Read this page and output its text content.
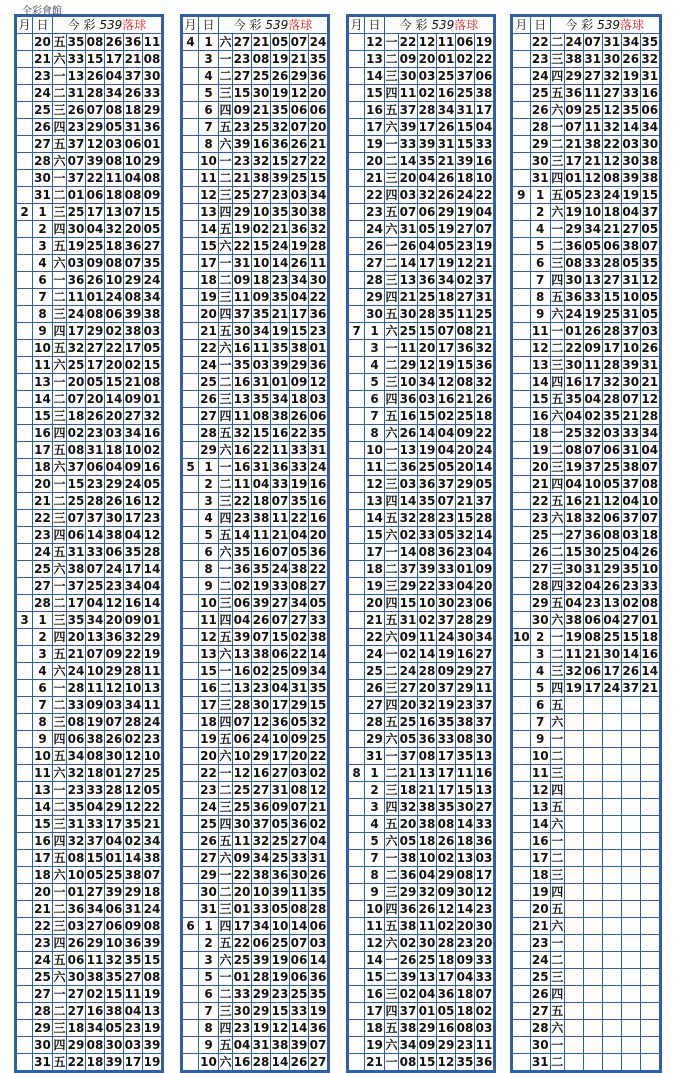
全彩會館
月	日	今 彩 539落球					
	20	五	35	08	26	36	11
	21	六	33	15	17	21	08
	23	一	13	26	04	37	30
	24	二	31	28	34	26	33
	25	三	26	07	08	18	29
	26	四	23	29	05	31	36
	27	五	37	12	03	06	01
	28	六	07	39	08	10	29
	30	一	37	22	11	04	08
	31	二	01	06	18	08	09
2	1	三	25	17	13	07	15
	2	四	30	04	32	20	05
	3	五	19	25	18	36	27
	4	六	03	09	08	07	35
	6	一	36	26	10	29	24
	7	二	11	01	24	08	34
	8	三	24	08	06	39	38
	9	四	17	29	02	38	03
	10	五	32	27	22	17	05
	11	六	25	17	20	02	15
	13	一	20	05	15	21	08
	14	二	07	20	14	09	01
	15	三	18	26	20	27	32
	16	四	02	23	03	34	16
	17	五	08	31	18	10	02
	18	六	37	06	04	09	16
	20	一	15	23	29	24	05
	21	二	25	28	26	16	12
	22	三	07	37	30	17	23
	23	四	06	14	38	04	12
	24	五	31	33	06	35	28
	25	六	38	07	24	17	14
	27	一	37	25	23	34	04
	28	二	17	04	12	16	14
3	1	三	35	34	20	09	01
	2	四	20	13	36	32	29
	3	五	21	07	09	22	19
	4	六	24	10	29	28	11
	6	一	28	11	12	10	13
	7	二	33	09	03	34	11
	8	三	08	19	07	28	24
	9	四	06	38	26	02	23
	10	五	34	08	30	12	10
	11	六	32	18	01	27	25
	13	一	23	33	28	12	05
	14	二	35	04	29	12	22
	15	三	31	33	17	35	21
	16	四	32	37	04	02	34
	17	五	08	15	01	14	38
	18	六	10	05	25	38	07
	20	一	01	27	39	29	18
	21	二	36	34	06	31	24
	22	三	03	27	06	09	08
	23	四	26	29	10	36	39
	24	五	06	11	32	35	15
	25	六	30	38	35	27	08
	27	一	27	02	15	11	19
	28	二	27	16	38	04	13
	29	三	18	34	05	23	19
	30	四	29	08	30	03	39
	31	五	22	18	39	17	19
月	日	今 彩 539落球					
4	1	六	27	21	05	07	24
	3	一	23	08	19	21	35
	4	二	27	25	26	29	36
	5	三	15	30	19	12	20
	6	四	09	21	35	06	06
	7	五	23	25	32	07	20
	8	六	39	16	36	26	21
	10	一	23	32	15	27	22
	11	二	21	38	39	25	15
	12	三	25	27	23	03	34
	13	四	29	10	35	30	38
	14	五	19	02	21	36	32
	15	六	22	15	24	19	28
	17	一	31	10	14	26	11
	18	二	09	18	23	34	30
	19	三	11	09	35	04	22
	20	四	37	35	21	17	36
	21	五	30	34	19	15	23
	22	六	16	11	35	38	01
	24	一	35	03	39	29	36
	25	二	16	31	01	09	12
	26	三	13	35	34	18	03
	27	四	11	08	38	26	06
	28	五	32	15	16	22	35
	29	六	16	22	11	33	31
5	1	一	16	31	36	33	24
	2	二	11	04	33	19	16
	3	三	22	18	07	35	16
	4	四	23	38	11	22	16
	5	五	14	11	21	04	20
	6	六	35	16	07	05	36
	8	一	36	35	24	38	22
	9	二	02	19	33	08	27
	10	三	06	39	27	34	05
	11	四	04	26	07	27	33
	12	五	39	07	15	02	38
	13	六	13	38	06	22	14
	15	一	16	02	25	09	34
	16	二	13	23	04	31	35
	17	三	28	30	17	29	15
	18	四	07	12	36	05	32
	19	五	06	24	10	09	25
	20	六	10	29	17	20	22
	22	一	12	16	27	03	02
	23	二	25	27	31	08	12
	24	三	25	36	09	07	21
	25	四	30	37	05	36	02
	26	五	11	32	25	27	04
	27	六	09	34	25	33	31
	29	一	22	38	36	30	26
	30	二	20	10	39	11	35
	31	三	01	33	05	08	28
6	1	四	17	34	10	14	06
	2	五	22	06	25	07	03
	3	六	25	39	19	06	14
	5	一	01	28	19	06	36
	6	二	33	29	23	25	35
	7	三	30	29	15	33	19
	8	四	23	19	12	14	36
	9	五	04	31	38	39	07
	10	六	16	28	14	26	27
月	日	今 彩 539落球					
	12	一	22	12	11	06	19
	13	二	09	20	01	02	22
	14	三	30	03	25	37	06
	15	四	11	02	16	25	38
	16	五	37	28	34	31	17
	17	六	39	17	26	15	04
	19	一	33	39	31	15	33
	20	二	14	35	21	39	16
	21	三	20	04	26	18	10
	22	四	03	32	26	24	22
	23	五	07	06	29	19	04
	24	六	31	05	19	27	07
	26	一	26	04	05	23	19
	27	二	14	17	19	12	21
	28	三	13	36	34	02	37
	29	四	21	25	18	27	31
	30	五	30	28	35	11	25
7	1	六	25	15	07	08	21
	3	一	11	20	17	36	32
	4	二	29	12	19	15	36
	5	三	10	34	12	08	32
	6	四	36	03	16	21	26
	7	五	16	15	02	25	18
	8	六	26	14	04	09	22
	10	一	13	19	04	20	24
	11	二	36	25	05	20	14
	12	三	03	36	37	29	05
	13	四	14	35	07	21	37
	14	五	32	28	23	15	28
	15	六	02	33	05	32	14
	17	一	14	08	36	23	04
	18	二	37	39	33	01	09
	19	三	29	22	33	04	20
	20	四	15	10	30	23	06
	21	五	31	02	37	28	29
	22	六	09	11	24	30	34
	24	一	02	14	19	16	27
	25	二	24	28	09	29	27
	26	三	27	20	37	29	11
	27	四	20	32	19	23	37
	28	五	25	16	35	38	37
	29	六	05	36	33	08	30
	31	一	37	08	17	35	13
8	1	二	21	13	17	11	16
	2	三	18	21	17	15	13
	3	四	32	38	35	30	27
	4	五	20	38	08	14	33
	5	六	05	18	26	18	36
	7	一	38	10	02	13	03
	8	二	36	04	29	08	17
	9	三	29	32	09	30	12
	10	四	36	26	12	14	23
	11	五	38	11	02	20	30
	12	六	02	30	28	23	20
	14	一	26	25	18	09	33
	15	二	39	13	17	04	33
	16	三	02	04	36	18	07
	17	四	37	01	05	18	02
	18	五	38	29	16	08	03
	19	六	34	09	29	23	11
	21	一	08	15	12	35	36
月	日	今 彩 539落球					
	22	二	24	07	31	34	35
	23	三	38	31	30	26	32
	24	四	29	27	32	19	31
	25	五	36	11	27	33	16
	26	六	09	25	12	35	06
	28	一	07	11	32	14	34
	29	二	21	38	22	03	30
	30	三	17	21	12	30	38
	31	四	01	12	08	39	38
9	1	五	05	23	24	19	15
	2	六	19	10	18	04	37
	4	一	29	34	21	27	05
	5	二	36	05	06	38	07
	6	三	08	33	28	05	35
	7	四	30	13	27	31	12
	8	五	36	33	15	10	05
	9	六	24	19	25	31	05
	11	一	01	26	28	37	03
	12	二	22	09	17	10	26
	13	三	30	11	28	39	31
	14	四	16	17	32	30	21
	15	五	35	04	28	07	12
	16	六	04	02	35	21	28
	18	一	25	32	03	33	34
	19	二	08	07	06	31	04
	20	三	19	37	25	38	07
	21	四	04	10	05	37	08
	22	五	16	21	12	04	10
	23	六	18	32	06	37	07
	25	一	27	36	08	03	18
	26	二	15	30	25	04	26
	27	三	30	31	29	35	10
	28	四	32	04	26	23	33
	29	五	04	23	13	02	08
	30	六	38	06	04	27	01
10	2	一	19	08	25	15	18
	3	二	11	21	30	14	16
	4	三	32	06	17	26	14
	5	四	19	17	24	37	21
	6	五					
	7	六					
	9	一					
	10	二					
	11	三					
	12	四					
	13	五					
	14	六					
	16	一					
	17	二					
	18	三					
	19	四					
	20	五					
	21	六					
	23	一					
	24	二					
	25	三					
	26	四					
	27	五					
	28	六					
	30	一					
	31	二					
